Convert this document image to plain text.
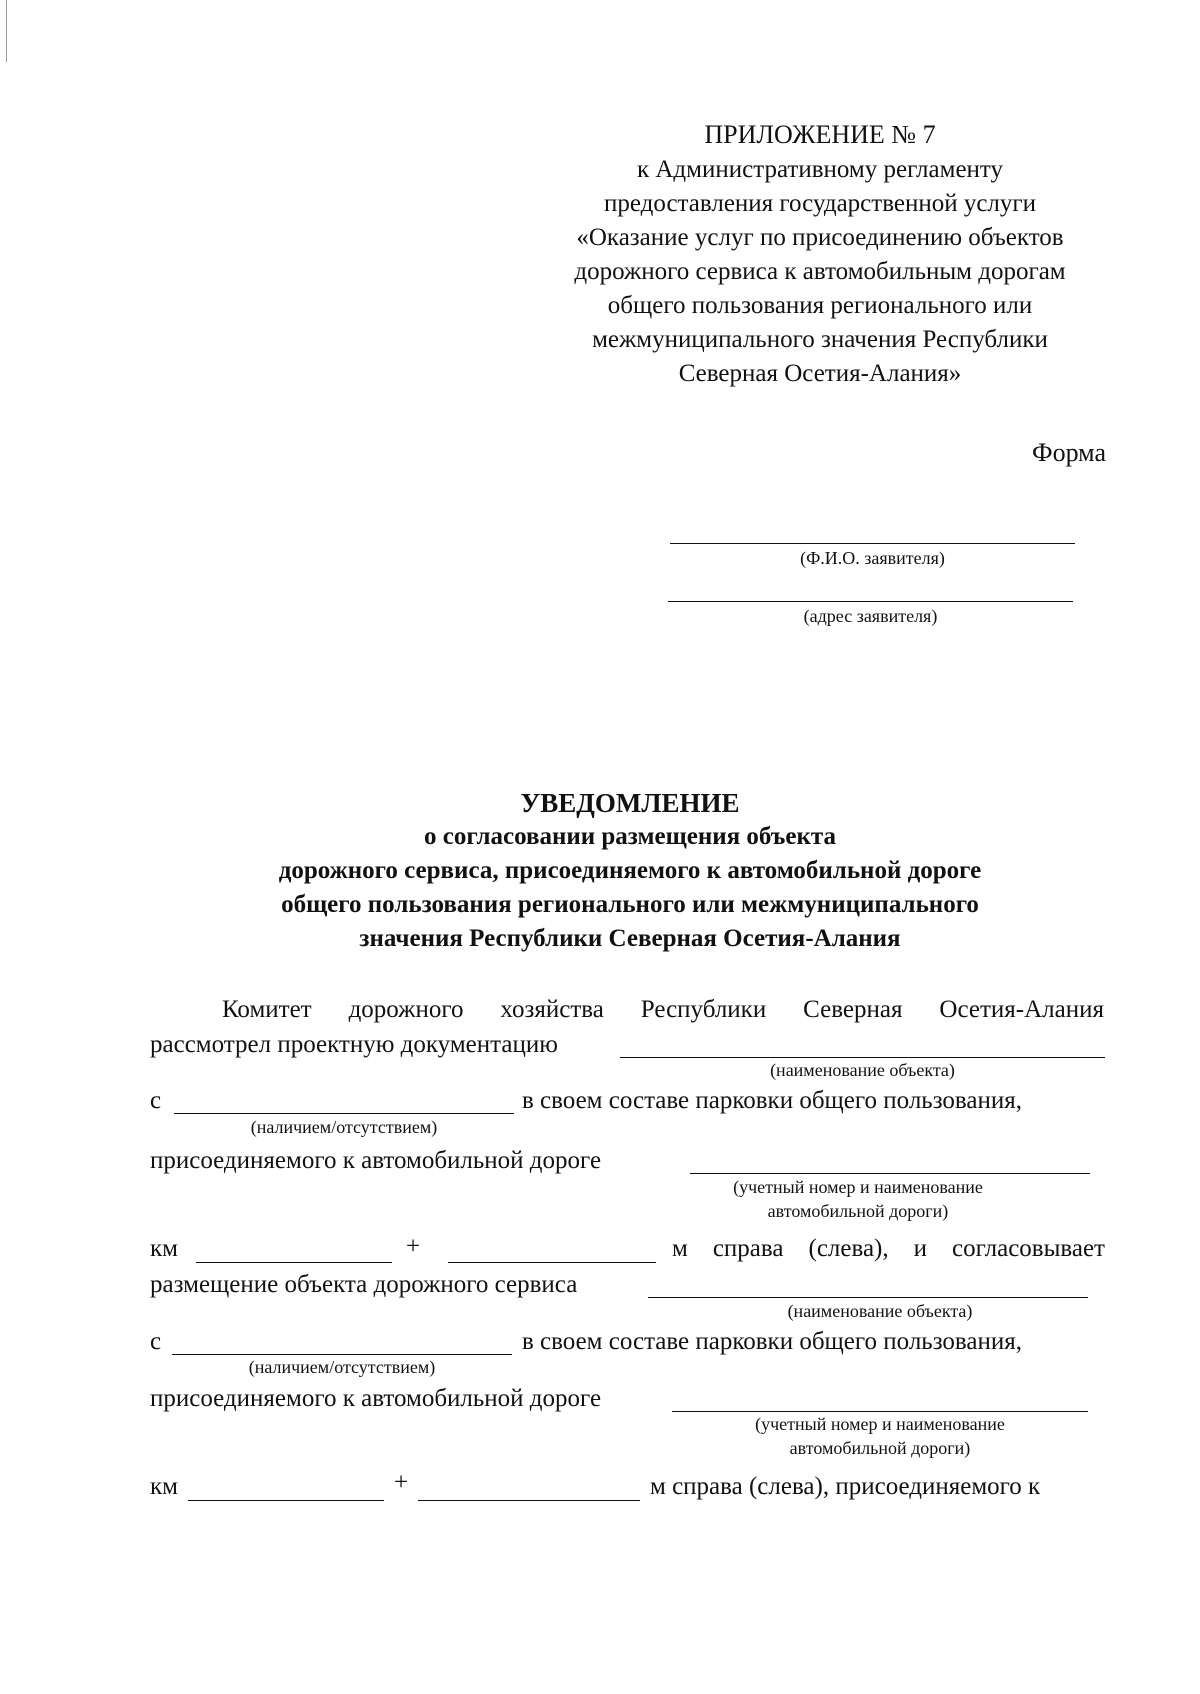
ПРИЛОЖЕНИЕ № 7
к Административному регламенту
предоставления государственной услуги
«Оказание услуг по присоединению объектов
дорожного сервиса к автомобильным дорогам
общего пользования регионального или
межмуниципального значения Республики
Северная Осетия-Алания»
Форма
(Ф.И.О. заявителя)
(адрес заявителя)
УВЕДОМЛЕНИЕ
о согласовании размещения объекта
дорожного сервиса, присоединяемого к автомобильной дороге
общего пользования регионального или межмуниципального
значения Республики Северная Осетия-Алания
Комитет дорожного хозяйства Республики Северная Осетия-Алания
рассмотрел проектную документацию
(наименование объекта)
с	в своем составе парковки общего пользования,
(наличием/отсутствием)
присоединяемого к автомобильной дороге
(учетный номер и наименование
автомобильной дороги)
км	+	м справа (слева), и согласовывает
размещение объекта дорожного сервиса
(наименование объекта)
с	в своем составе парковки общего пользования,
(наличием/отсутствием)
присоединяемого к автомобильной дороге
(учетный номер и наименование
автомобильной дороги)
км	+	м справа (слева), присоединяемого к
